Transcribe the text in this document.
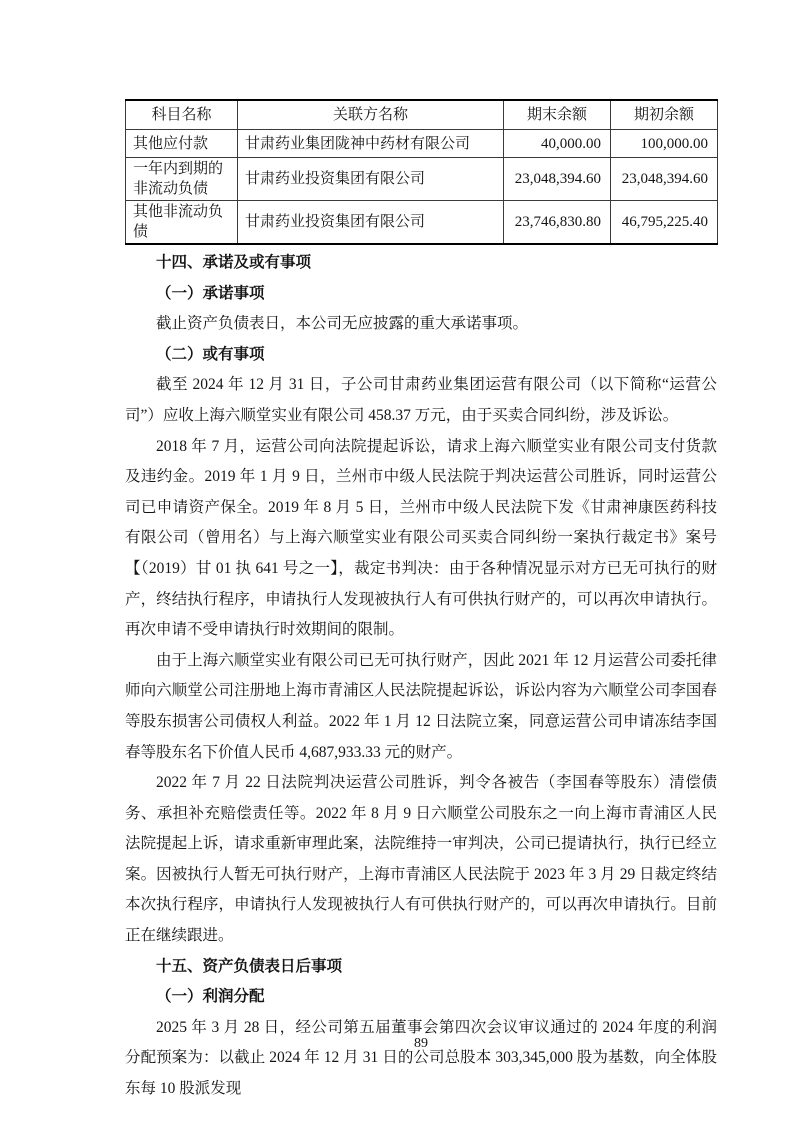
科目名称	关联方名称	期末余额	期初余额
其他应付款	甘肃药业集团陇神中药材有限公司	40,000.00	100,000.00
一年内到期的非流动负债	甘肃药业投资集团有限公司	23,048,394.60	23,048,394.60
其他非流动负债	甘肃药业投资集团有限公司	23,746,830.80	46,795,225.40
十四、承诺及或有事项
（一）承诺事项

截止资产负债表日，本公司无应披露的重大承诺事项。

（二）或有事项

截至 2024 年 12 月 31 日，子公司甘肃药业集团运营有限公司（以下简称“运营公司”）应收上海六顺堂实业有限公司 458.37 万元，由于买卖合同纠纷，涉及诉讼。

2018 年 7 月，运营公司向法院提起诉讼，请求上海六顺堂实业有限公司支付货款及违约金。2019 年 1 月 9 日，兰州市中级人民法院于判决运营公司胜诉，同时运营公司已申请资产保全。2019 年 8 月 5 日，兰州市中级人民法院下发《甘肃神康医药科技有限公司（曾用名）与上海六顺堂实业有限公司买卖合同纠纷一案执行裁定书》案号【（2019）甘 01 执 641 号之一】，裁定书判决：由于各种情况显示对方已无可执行的财产，终结执行程序，申请执行人发现被执行人有可供执行财产的，可以再次申请执行。再次申请不受申请执行时效期间的限制。

由于上海六顺堂实业有限公司已无可执行财产，因此 2021 年 12 月运营公司委托律师向六顺堂公司注册地上海市青浦区人民法院提起诉讼，诉讼内容为六顺堂公司李国春等股东损害公司债权人利益。2022 年 1 月 12 日法院立案，同意运营公司申请冻结李国春等股东名下价值人民币 4,687,933.33 元的财产。

2022 年 7 月 22 日法院判决运营公司胜诉，判令各被告（李国春等股东）清偿债务、承担补充赔偿责任等。2022 年 8 月 9 日六顺堂公司股东之一向上海市青浦区人民法院提起上诉，请求重新审理此案，法院维持一审判决，公司已提请执行，执行已经立案。因被执行人暂无可执行财产，上海市青浦区人民法院于 2023 年 3 月 29 日裁定终结本次执行程序，申请执行人发现被执行人有可供执行财产的，可以再次申请执行。目前正在继续跟进。

十五、资产负债表日后事项
（一）利润分配

2025 年 3 月 28 日，经公司第五届董事会第四次会议审议通过的 2024 年度的利润分配预案为：以截止 2024 年 12 月 31 日的公司总股本 303,345,000 股为基数，向全体股东每 10 股派发现

89
